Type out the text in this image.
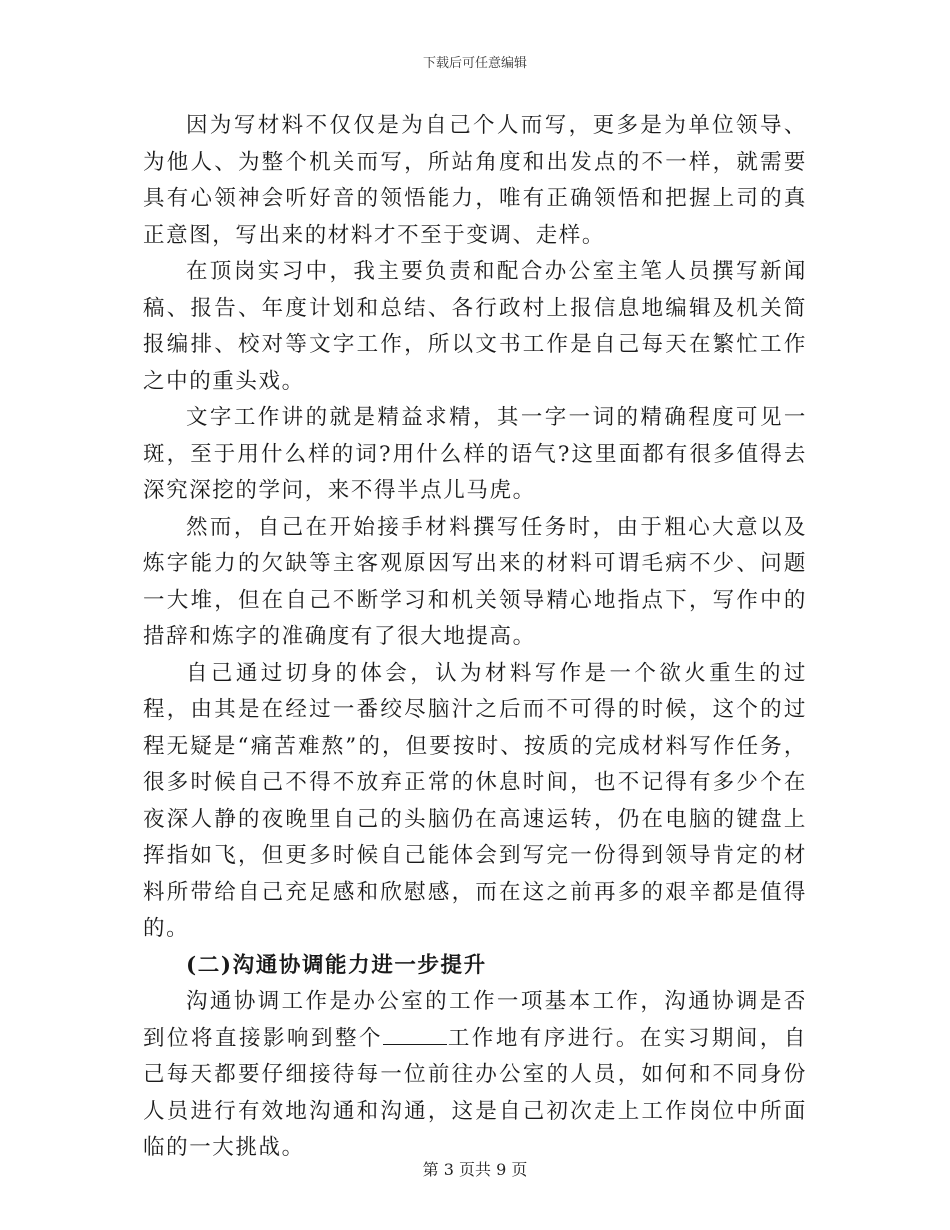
下载后可任意编辑

因为写材料不仅仅是为自己个人而写，更多是为单位领导、为他人、为整个机关而写，所站角度和出发点的不一样，就需要具有心领神会听好音的领悟能力，唯有正确领悟和把握上司的真正意图，写出来的材料才不至于变调、走样。

在顶岗实习中，我主要负责和配合办公室主笔人员撰写新闻稿、报告、年度计划和总结、各行政村上报信息地编辑及机关简报编排、校对等文字工作，所以文书工作是自己每天在繁忙工作之中的重头戏。

文字工作讲的就是精益求精，其一字一词的精确程度可见一斑，至于用什么样的词?用什么样的语气?这里面都有很多值得去深究深挖的学问，来不得半点儿马虎。

然而，自己在开始接手材料撰写任务时，由于粗心大意以及炼字能力的欠缺等主客观原因写出来的材料可谓毛病不少、问题一大堆，但在自己不断学习和机关领导精心地指点下，写作中的措辞和炼字的准确度有了很大地提高。

自己通过切身的体会，认为材料写作是一个欲火重生的过程，由其是在经过一番绞尽脑汁之后而不可得的时候，这个的过程无疑是“痛苦难熬”的，但要按时、按质的完成材料写作任务，很多时候自己不得不放弃正常的休息时间，也不记得有多少个在夜深人静的夜晚里自己的头脑仍在高速运转，仍在电脑的键盘上挥指如飞，但更多时候自己能体会到写完一份得到领导肯定的材料所带给自己充足感和欣慰感，而在这之前再多的艰辛都是值得的。

(二)沟通协调能力进一步提升

沟通协调工作是办公室的工作一项基本工作，沟通协调是否到位将直接影响到整个	工作地有序进行。在实习期间，自己每天都要仔细接待每一位前往办公室的人员，如何和不同身份人员进行有效地沟通和沟通，这是自己初次走上工作岗位中所面临的一大挑战。

第 3 页共 9 页
